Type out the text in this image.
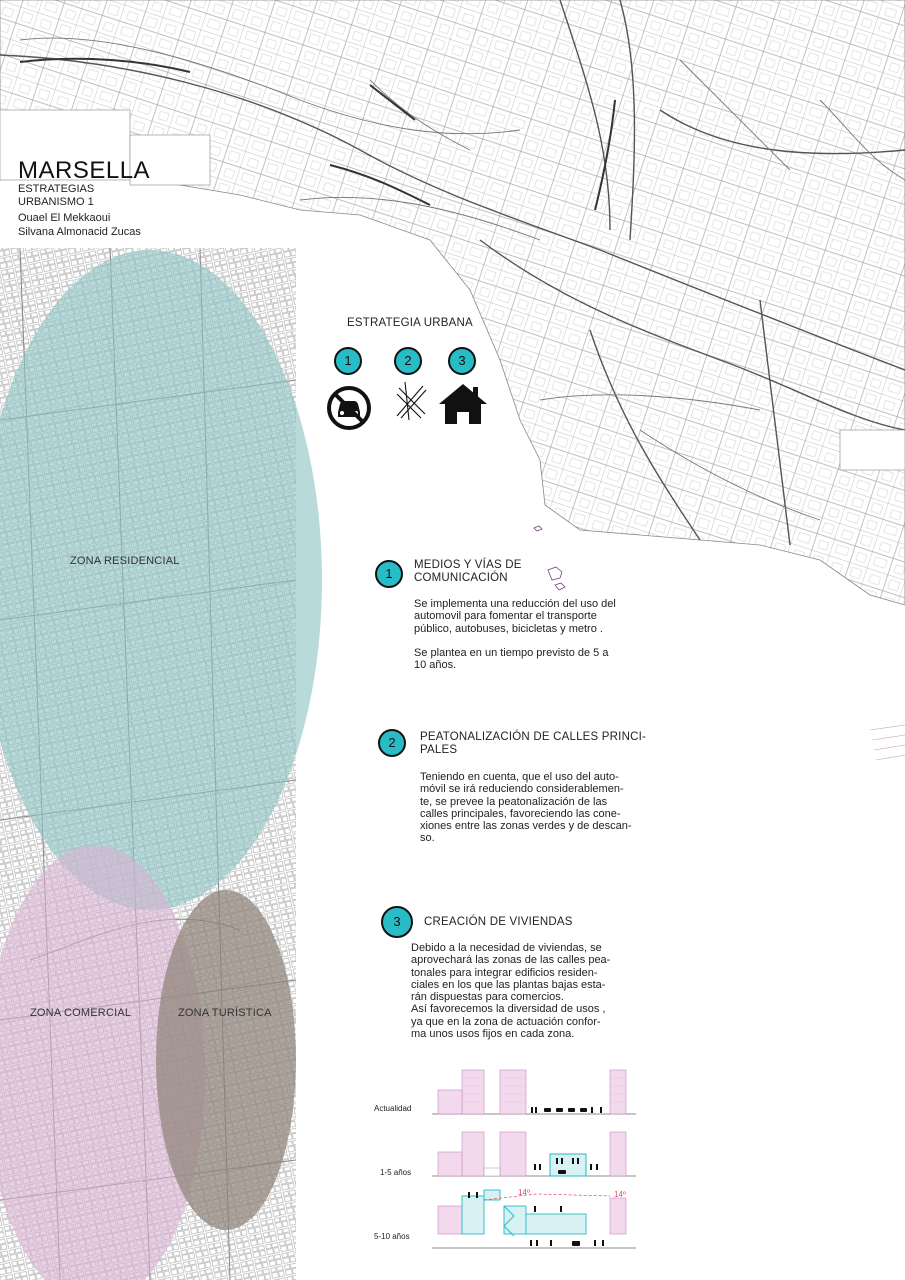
MARSELLA
ESTRATEGIAS
URBANISMO 1
Ouael El Mekkaoui
Silvana Almonacid Zucas
ZONA RESIDENCIAL
ZONA COMERCIAL	ZONA TURÍSTICA
ESTRATEGIA URBANA
1	2	3
1
MEDIOS Y VÍAS DE
COMUNICACIÓN
Se implementa una reducción del uso del
automovil para fomentar el transporte
público, autobuses, bicicletas y metro .
Se plantea en un tiempo previsto de 5 a
10 años.
2	PEATONALIZACIÓN DE CALLES PRINCI-
PALES
Teniendo en cuenta, que el uso del auto-
móvil se irá reduciendo considerablemen-
te, se prevee la peatonalización de las
calles principales, favoreciendo las cone-
xiones entre las zonas verdes y de descan-
so.
3	CREACIÓN DE VIVIENDAS
Debido a la necesidad de viviendas, se
aprovechará las zonas de las calles pea-
tonales para integrar edificios residen-
ciales en los que las plantas bajas esta-
rán dispuestas para comercios.
Así favorecemos la diversidad de usos ,
ya que en la zona de actuación confor-
ma unos usos fijos en cada zona.
Actualidad
1-5 años
5-10 años
14º	14º
